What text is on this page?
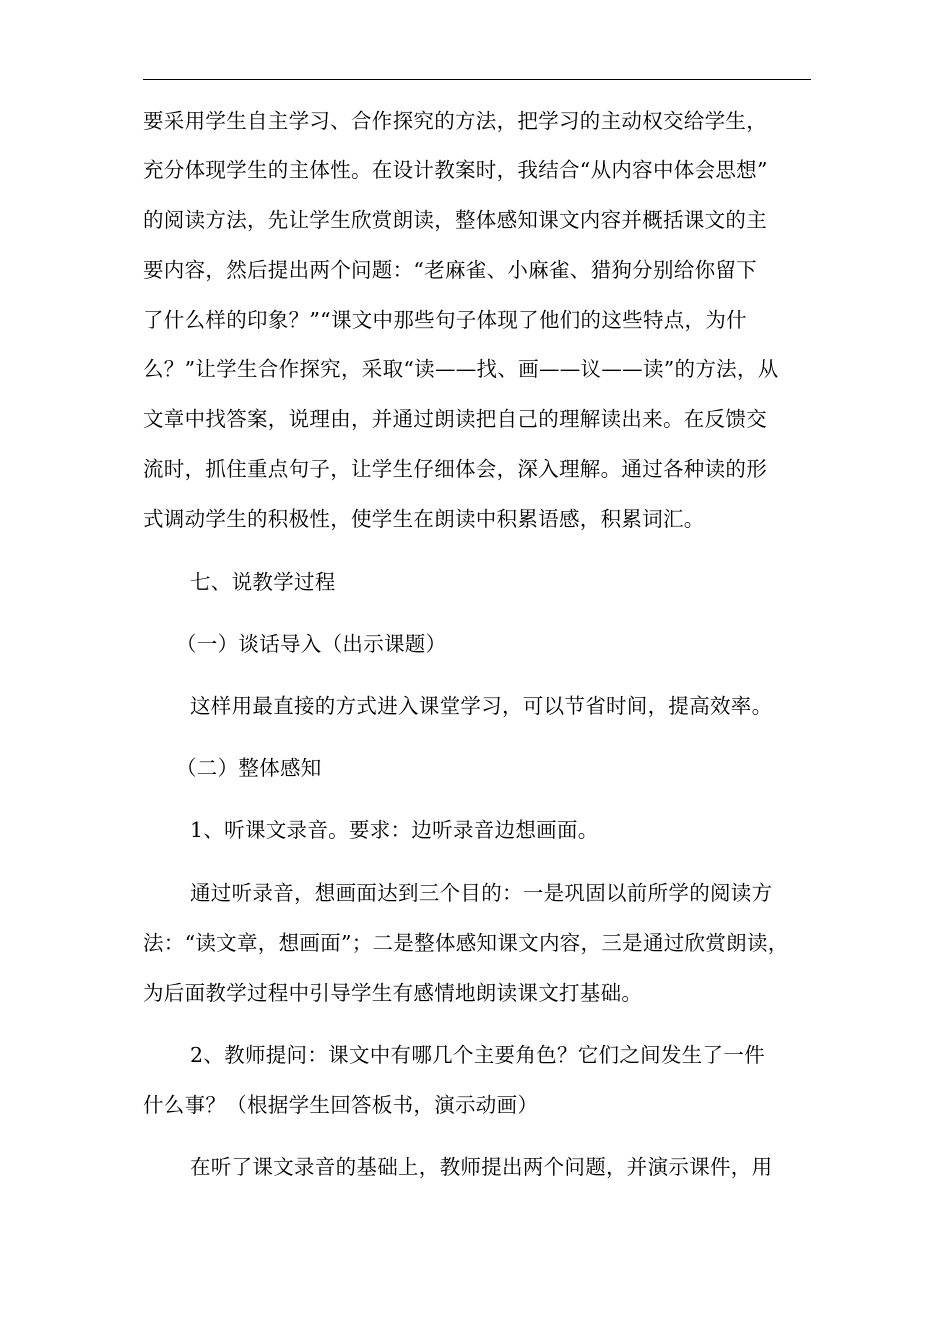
要采用学生自主学习、合作探究的方法，把学习的主动权交给学生，
充分体现学生的主体性。在设计教案时，我结合“从内容中体会思想”
的阅读方法，先让学生欣赏朗读，整体感知课文内容并概括课文的主
要内容，然后提出两个问题：“老麻雀、小麻雀、猎狗分别给你留下
了什么样的印象？”“课文中那些句子体现了他们的这些特点，为什
么？”让学生合作探究，采取“读——找、画——议——读”的方法，从
文章中找答案，说理由，并通过朗读把自己的理解读出来。在反馈交
流时，抓住重点句子，让学生仔细体会，深入理解。通过各种读的形
式调动学生的积极性，使学生在朗读中积累语感，积累词汇。
七、说教学过程
（一）谈话导入（出示课题）
这样用最直接的方式进入课堂学习，可以节省时间，提高效率。
（二）整体感知
1、听课文录音。要求：边听录音边想画面。
通过听录音，想画面达到三个目的：一是巩固以前所学的阅读方
法：“读文章，想画面”；二是整体感知课文内容，三是通过欣赏朗读，
为后面教学过程中引导学生有感情地朗读课文打基础。
2、教师提问：课文中有哪几个主要角色？它们之间发生了一件
什么事？（根据学生回答板书，演示动画）
在听了课文录音的基础上，教师提出两个问题，并演示课件，用
